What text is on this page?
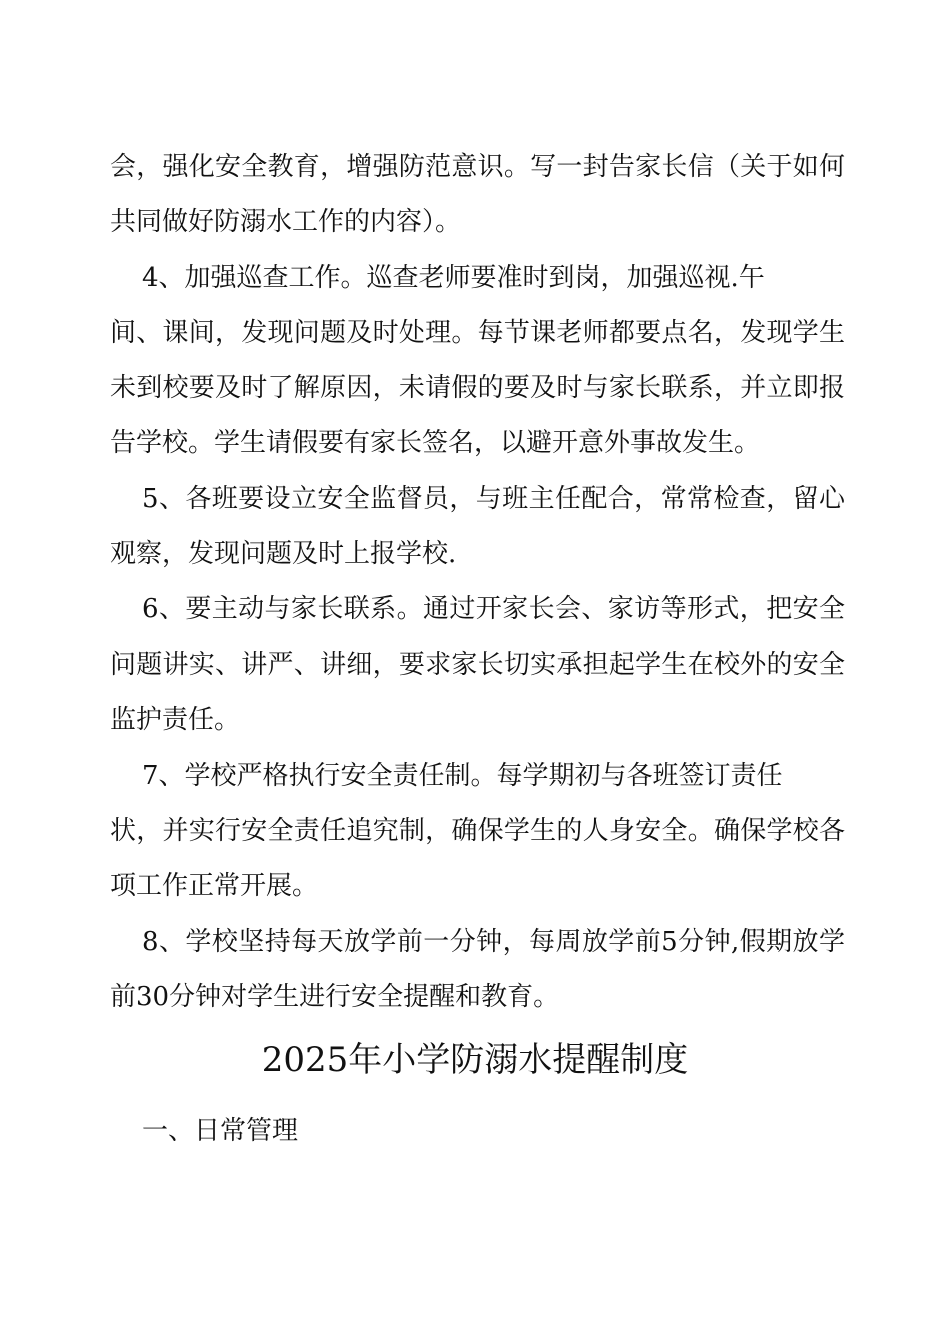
会，强化安全教育，增强防范意识。写一封告家长信（关于如何
共同做好防溺水工作的内容）。
4、加强巡查工作。巡查老师要准时到岗，加强巡视.午
间、课间，发现问题及时处理。每节课老师都要点名，发现学生
未到校要及时了解原因，未请假的要及时与家长联系，并立即报
告学校。学生请假要有家长签名，以避开意外事故发生。
5、各班要设立安全监督员，与班主任配合，常常检查，留心
观察，发现问题及时上报学校.
6、要主动与家长联系。通过开家长会、家访等形式，把安全
问题讲实、讲严、讲细，要求家长切实承担起学生在校外的安全
监护责任。
7、学校严格执行安全责任制。每学期初与各班签订责任
状，并实行安全责任追究制，确保学生的人身安全。确保学校各
项工作正常开展。
8、学校坚持每天放学前一分钟，每周放学前5分钟,假期放学
前30分钟对学生进行安全提醒和教育。
2025年小学防溺水提醒制度
一、日常管理
